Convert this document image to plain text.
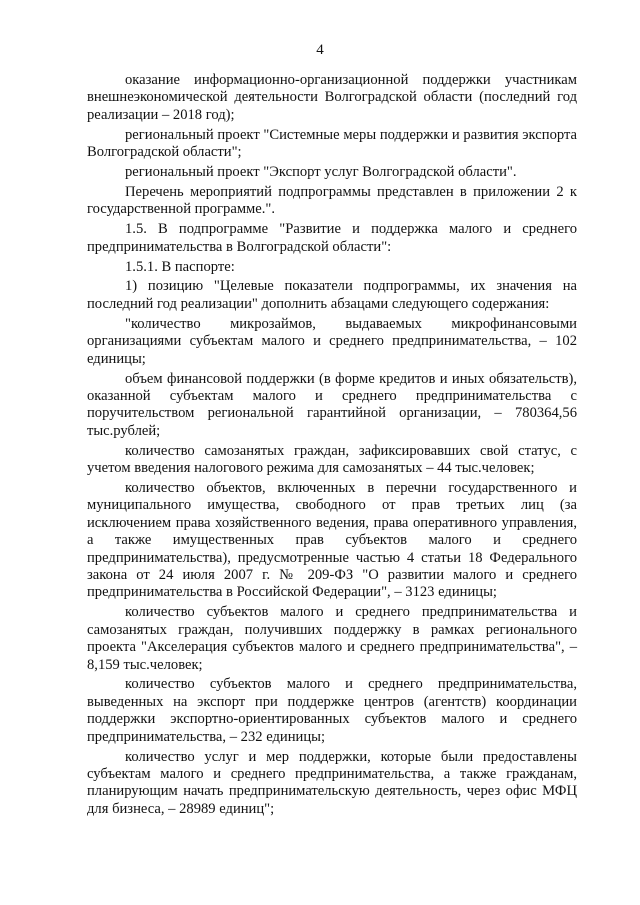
4

оказание информационно-организационной поддержки участникам внешнеэкономической деятельности Волгоградской области (последний год реализации – 2018 год);

региональный проект "Системные меры поддержки и развития экспорта Волгоградской области";

региональный проект "Экспорт услуг Волгоградской области".

Перечень мероприятий подпрограммы представлен в приложении 2 к государственной программе.".

1.5. В подпрограмме "Развитие и поддержка малого и среднего предпринимательства в Волгоградской области":

1.5.1. В паспорте:

1) позицию "Целевые показатели подпрограммы, их значения на последний год реализации" дополнить абзацами следующего содержания:

"количество микрозаймов, выдаваемых микрофинансовыми организациями субъектам малого и среднего предпринимательства, – 102 единицы;

объем финансовой поддержки (в форме кредитов и иных обязательств), оказанной субъектам малого и среднего предпринимательства с поручительством региональной гарантийной организации, – 780364,56 тыс.рублей;

количество самозанятых граждан, зафиксировавших свой статус, с учетом введения налогового режима для самозанятых – 44 тыс.человек;

количество объектов, включенных в перечни государственного и муниципального имущества, свободного от прав третьих лиц (за исключением права хозяйственного ведения, права оперативного управления, а также имущественных прав субъектов малого и среднего предпринимательства), предусмотренные частью 4 статьи 18 Федерального закона от 24 июля 2007 г. № 209-ФЗ "О развитии малого и среднего предпринимательства в Российской Федерации", – 3123 единицы;

количество субъектов малого и среднего предпринимательства и самозанятых граждан, получивших поддержку в рамках регионального проекта "Акселерация субъектов малого и среднего предпринимательства", – 8,159 тыс.человек;

количество субъектов малого и среднего предпринимательства, выведенных на экспорт при поддержке центров (агентств) координации поддержки экспортно-ориентированных субъектов малого и среднего предпринимательства, – 232 единицы;

количество услуг и мер поддержки, которые были предоставлены субъектам малого и среднего предпринимательства, а также гражданам, планирующим начать предпринимательскую деятельность, через офис МФЦ для бизнеса, – 28989 единиц";
